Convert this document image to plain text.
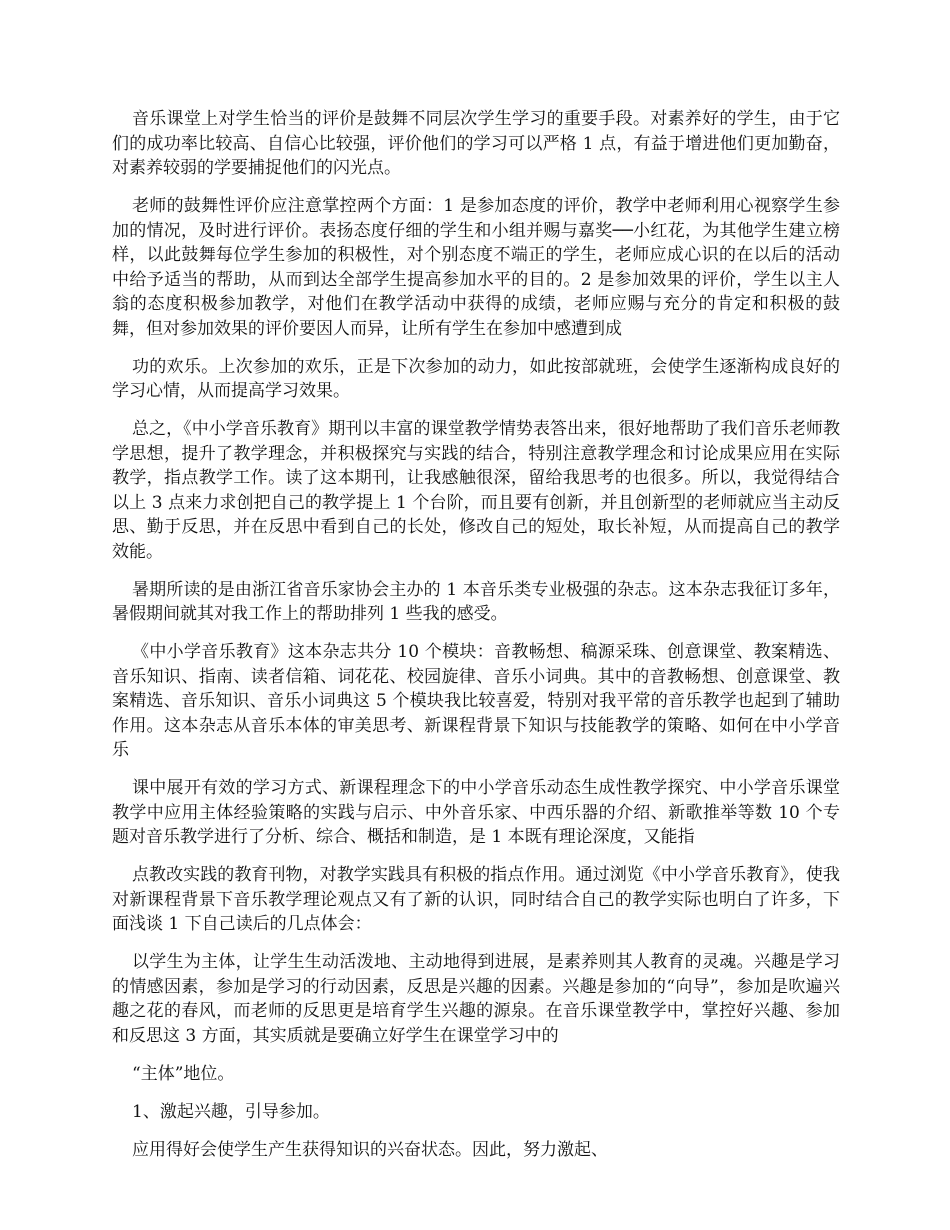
音乐课堂上对学生恰当的评价是鼓舞不同层次学生学习的重要手段。对素养好的学生，由于它们的成功率比较高、自信心比较强，评价他们的学习可以严格 1 点，有益于增进他们更加勤奋，对素养较弱的学要捕捉他们的闪光点。

老师的鼓舞性评价应注意掌控两个方面：1 是参加态度的评价，教学中老师利用心视察学生参加的情况，及时进行评价。表扬态度仔细的学生和小组并赐与嘉奖──小红花，为其他学生建立榜样，以此鼓舞每位学生参加的积极性，对个别态度不端正的学生，老师应成心识的在以后的活动中给予适当的帮助，从而到达全部学生提高参加水平的目的。2 是参加效果的评价，学生以主人翁的态度积极参加教学，对他们在教学活动中获得的成绩，老师应赐与充分的肯定和积极的鼓舞，但对参加效果的评价要因人而异，让所有学生在参加中感遭到成

功的欢乐。上次参加的欢乐，正是下次参加的动力，如此按部就班，会使学生逐渐构成良好的学习心情，从而提高学习效果。

总之，《中小学音乐教育》期刊以丰富的课堂教学情势表答出来，很好地帮助了我们音乐老师教学思想，提升了教学理念，并积极探究与实践的结合，特别注意教学理念和讨论成果应用在实际教学，指点教学工作。读了这本期刊，让我感触很深，留给我思考的也很多。所以，我觉得结合以上 3 点来力求创把自己的教学提上 1 个台阶，而且要有创新，并且创新型的老师就应当主动反思、勤于反思，并在反思中看到自己的长处，修改自己的短处，取长补短，从而提高自己的教学效能。

暑期所读的是由浙江省音乐家协会主办的 1 本音乐类专业极强的杂志。这本杂志我征订多年，暑假期间就其对我工作上的帮助排列 1 些我的感受。

《中小学音乐教育》这本杂志共分 10 个模块：音教畅想、稿源采珠、创意课堂、教案精选、音乐知识、指南、读者信箱、词花花、校园旋律、音乐小词典。其中的音教畅想、创意课堂、教案精选、音乐知识、音乐小词典这 5 个模块我比较喜爱，特别对我平常的音乐教学也起到了辅助作用。这本杂志从音乐本体的审美思考、新课程背景下知识与技能教学的策略、如何在中小学音乐

课中展开有效的学习方式、新课程理念下的中小学音乐动态生成性教学探究、中小学音乐课堂教学中应用主体经验策略的实践与启示、中外音乐家、中西乐器的介绍、新歌推举等数 10 个专题对音乐教学进行了分析、综合、概括和制造，是 1 本既有理论深度，又能指

点教改实践的教育刊物，对教学实践具有积极的指点作用。通过浏览《中小学音乐教育》，使我对新课程背景下音乐教学理论观点又有了新的认识，同时结合自己的教学实际也明白了许多，下面浅谈 1 下自己读后的几点体会：

以学生为主体，让学生生动活泼地、主动地得到进展，是素养则其人教育的灵魂。兴趣是学习的情感因素，参加是学习的行动因素，反思是兴趣的因素。兴趣是参加的“向导”，参加是吹遍兴趣之花的春风，而老师的反思更是培育学生兴趣的源泉。在音乐课堂教学中，掌控好兴趣、参加和反思这 3 方面，其实质就是要确立好学生在课堂学习中的

“主体”地位。

1、激起兴趣，引导参加。

应用得好会使学生产生获得知识的兴奋状态。因此，努力激起、
